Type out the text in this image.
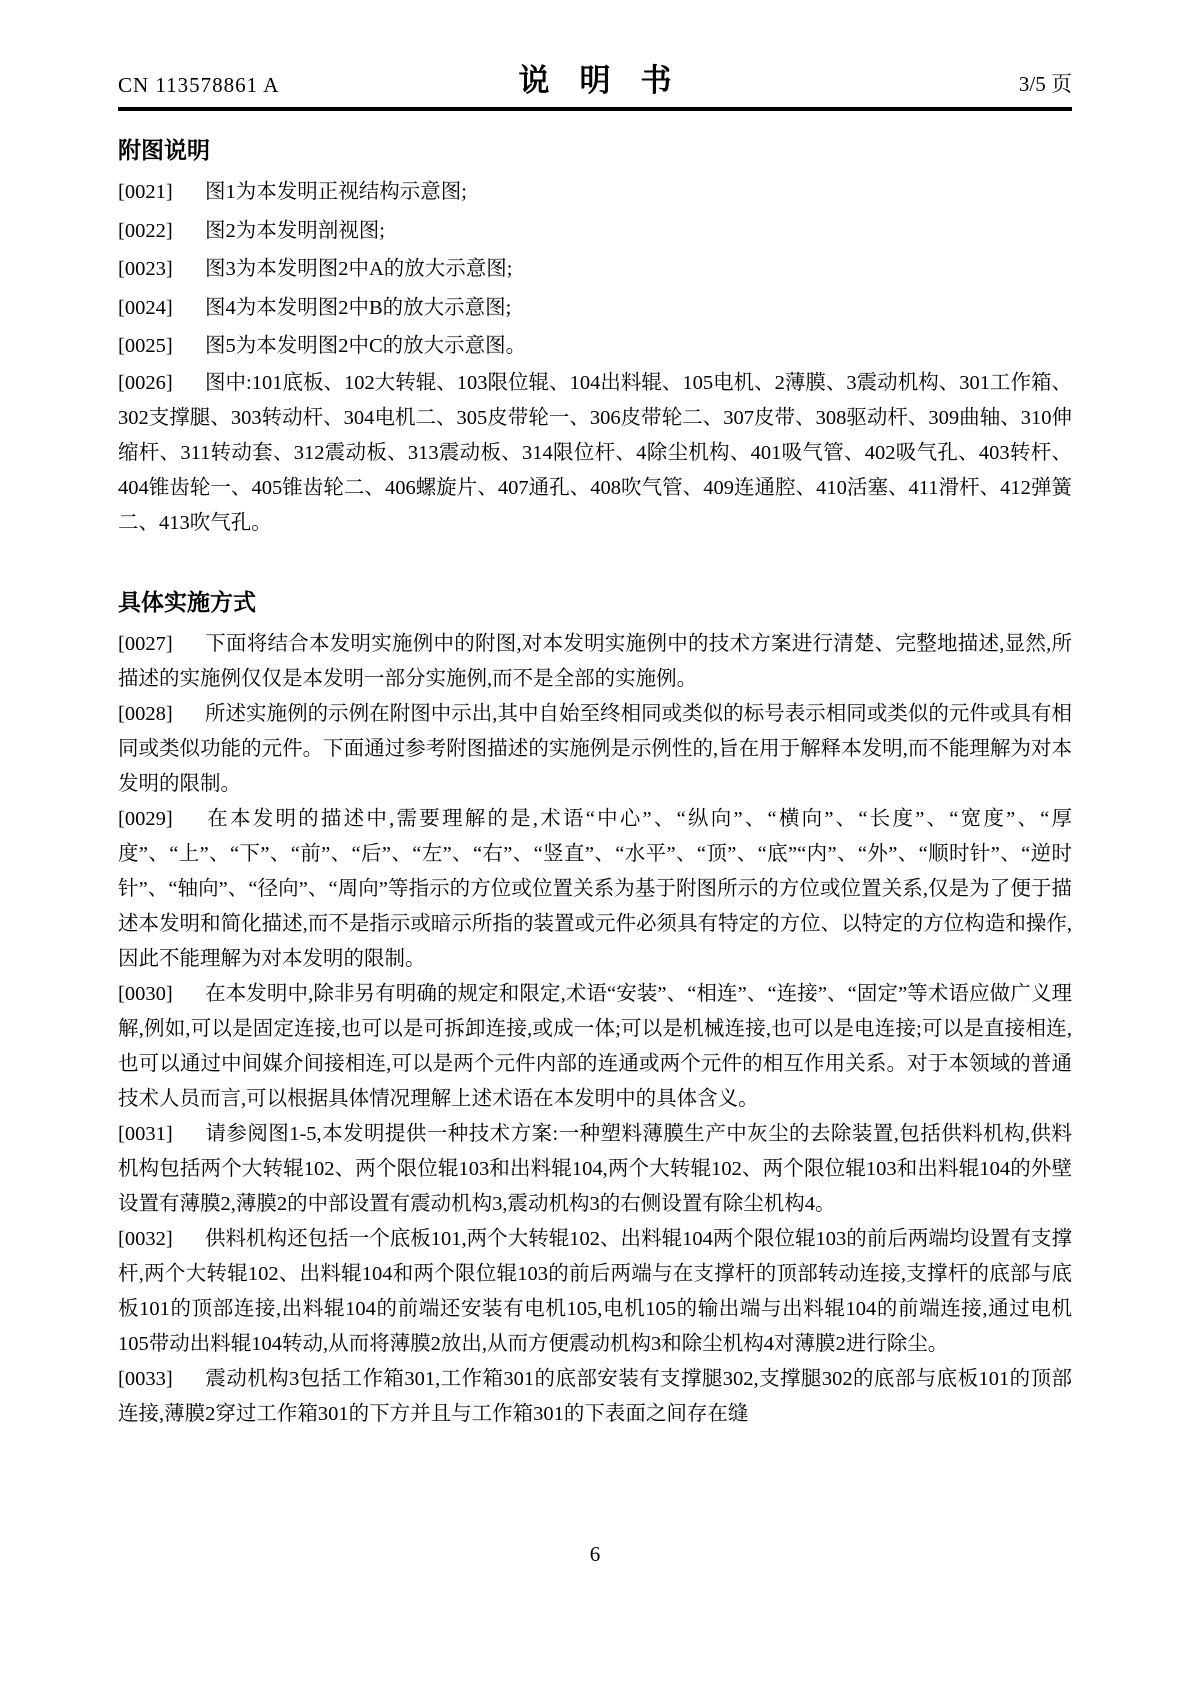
CN 113578861 A	说明书	3/5 页
附图说明

[0021] 图1为本发明正视结构示意图;

[0022] 图2为本发明剖视图;

[0023] 图3为本发明图2中A的放大示意图;

[0024] 图4为本发明图2中B的放大示意图;

[0025] 图5为本发明图2中C的放大示意图。

[0026] 图中:101底板、102大转辊、103限位辊、104出料辊、105电机、2薄膜、3震动机构、301工作箱、302支撑腿、303转动杆、304电机二、305皮带轮一、306皮带轮二、307皮带、308驱动杆、309曲轴、310伸缩杆、311转动套、312震动板、313震动板、314限位杆、4除尘机构、401吸气管、402吸气孔、403转杆、404锥齿轮一、405锥齿轮二、406螺旋片、407通孔、408吹气管、409连通腔、410活塞、411滑杆、412弹簧二、413吹气孔。

具体实施方式

[0027] 下面将结合本发明实施例中的附图,对本发明实施例中的技术方案进行清楚、完整地描述,显然,所描述的实施例仅仅是本发明一部分实施例,而不是全部的实施例。

[0028] 所述实施例的示例在附图中示出,其中自始至终相同或类似的标号表示相同或类似的元件或具有相同或类似功能的元件。下面通过参考附图描述的实施例是示例性的,旨在用于解释本发明,而不能理解为对本发明的限制。

[0029] 在本发明的描述中,需要理解的是,术语“中心”、“纵向”、“横向”、“长度”、“宽度”、“厚度”、“上”、“下”、“前”、“后”、“左”、“右”、“竖直”、“水平”、“顶”、“底”“内”、“外”、“顺时针”、“逆时针”、“轴向”、“径向”、“周向”等指示的方位或位置关系为基于附图所示的方位或位置关系,仅是为了便于描述本发明和简化描述,而不是指示或暗示所指的装置或元件必须具有特定的方位、以特定的方位构造和操作,因此不能理解为对本发明的限制。

[0030] 在本发明中,除非另有明确的规定和限定,术语“安装”、“相连”、“连接”、“固定”等术语应做广义理解,例如,可以是固定连接,也可以是可拆卸连接,或成一体;可以是机械连接,也可以是电连接;可以是直接相连,也可以通过中间媒介间接相连,可以是两个元件内部的连通或两个元件的相互作用关系。对于本领域的普通技术人员而言,可以根据具体情况理解上述术语在本发明中的具体含义。

[0031] 请参阅图1-5,本发明提供一种技术方案:一种塑料薄膜生产中灰尘的去除装置,包括供料机构,供料机构包括两个大转辊102、两个限位辊103和出料辊104,两个大转辊102、两个限位辊103和出料辊104的外壁设置有薄膜2,薄膜2的中部设置有震动机构3,震动机构3的右侧设置有除尘机构4。

[0032] 供料机构还包括一个底板101,两个大转辊102、出料辊104两个限位辊103的前后两端均设置有支撑杆,两个大转辊102、出料辊104和两个限位辊103的前后两端与在支撑杆的顶部转动连接,支撑杆的底部与底板101的顶部连接,出料辊104的前端还安装有电机105,电机105的输出端与出料辊104的前端连接,通过电机105带动出料辊104转动,从而将薄膜2放出,从而方便震动机构3和除尘机构4对薄膜2进行除尘。

[0033] 震动机构3包括工作箱301,工作箱301的底部安装有支撑腿302,支撑腿302的底部与底板101的顶部连接,薄膜2穿过工作箱301的下方并且与工作箱301的下表面之间存在缝

6
